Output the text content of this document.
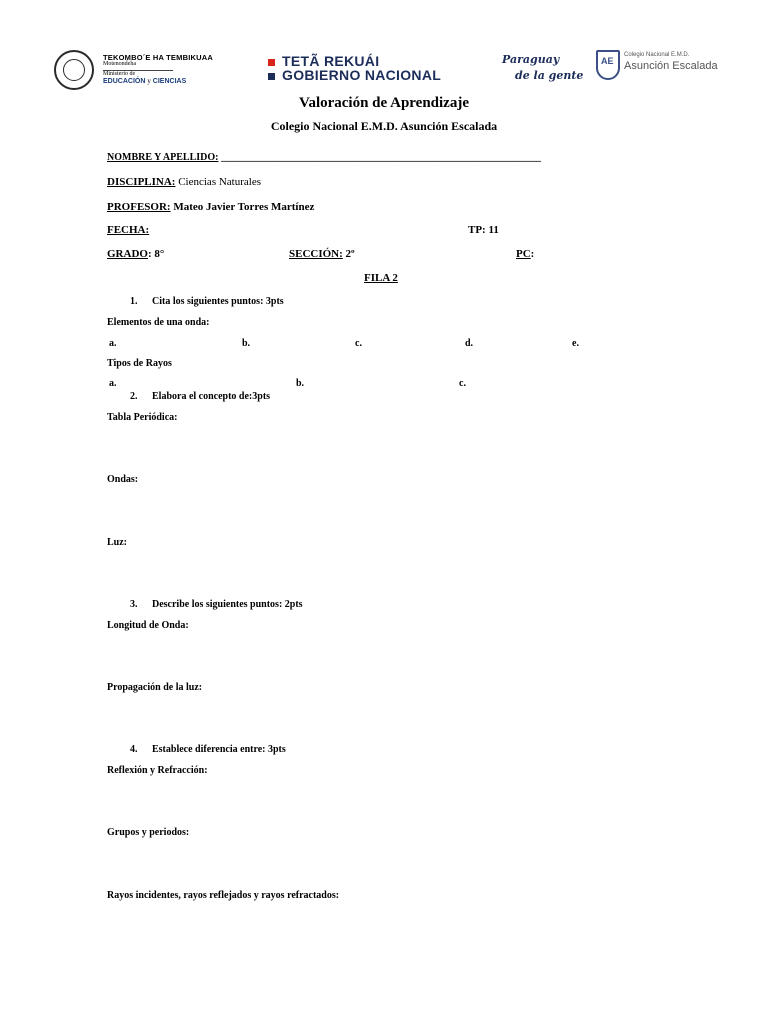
TEKOMBO´E HA TEMBIKUAA
Motenondeha
Ministerio de
EDUCACIÓN y CIENCIAS
TETÃ REKUÁI
GOBIERNO NACIONAL
Paraguay
de la gente
AE
Colegio Nacional E.M.D.
Asunción Escalada
Valoración de Aprendizaje
Colegio Nacional E.M.D. Asunción Escalada
NOMBRE Y APELLIDO: ________________________________________________________________
DISCIPLINA: Ciencias Naturales
PROFESOR: Mateo Javier Torres Martínez
FECHA:	TP: 11
GRADO: 8°	SECCIÓN: 2º	PC:
FILA 2
1. Cita los siguientes puntos: 3pts
Elementos de una onda:
a.	b.	c.	d.	e.
Tipos de Rayos
a.	b.	c.
2. Elabora el concepto de:3pts
Tabla Periódica:
Ondas:
Luz:
3. Describe los siguientes puntos: 2pts
Longitud de Onda:
Propagación de la luz:
4. Establece diferencia entre: 3pts
Reflexión y Refracción:
Grupos y periodos:
Rayos incidentes, rayos reflejados y rayos refractados:
